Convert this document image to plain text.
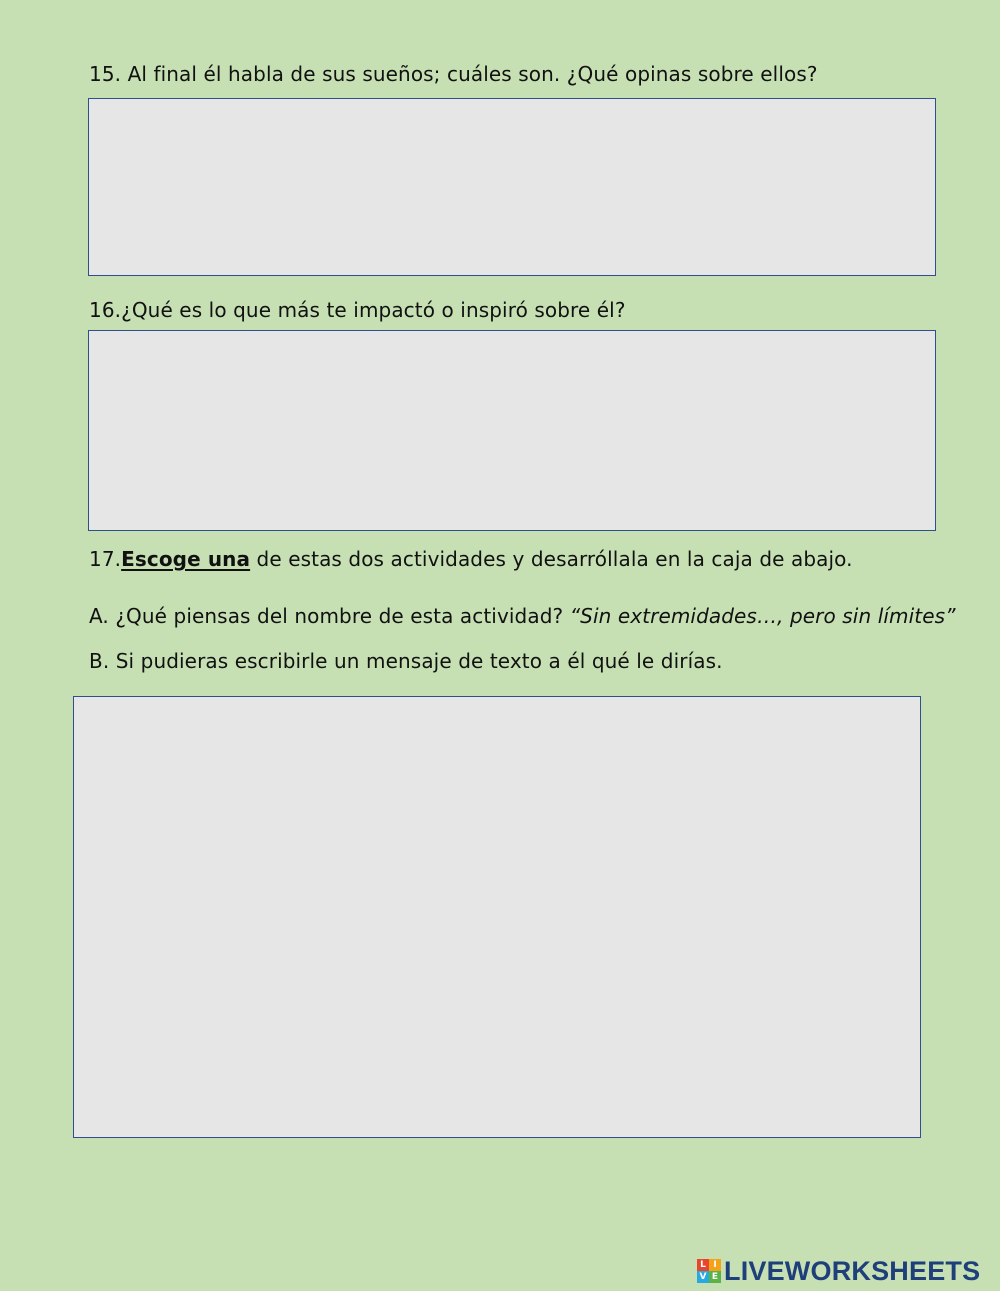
15. Al final él habla de sus sueños; cuáles son. ¿Qué opinas sobre ellos?
16.¿Qué es lo que más te impactó o inspiró sobre él?
17.Escoge una de estas dos actividades y desarróllala en la caja de abajo.
A. ¿Qué piensas del nombre de esta actividad? “Sin extremidades…, pero sin límites”
B. Si pudieras escribirle un mensaje de texto a él qué le dirías.
L I
V E LIVEWORKSHEETS
